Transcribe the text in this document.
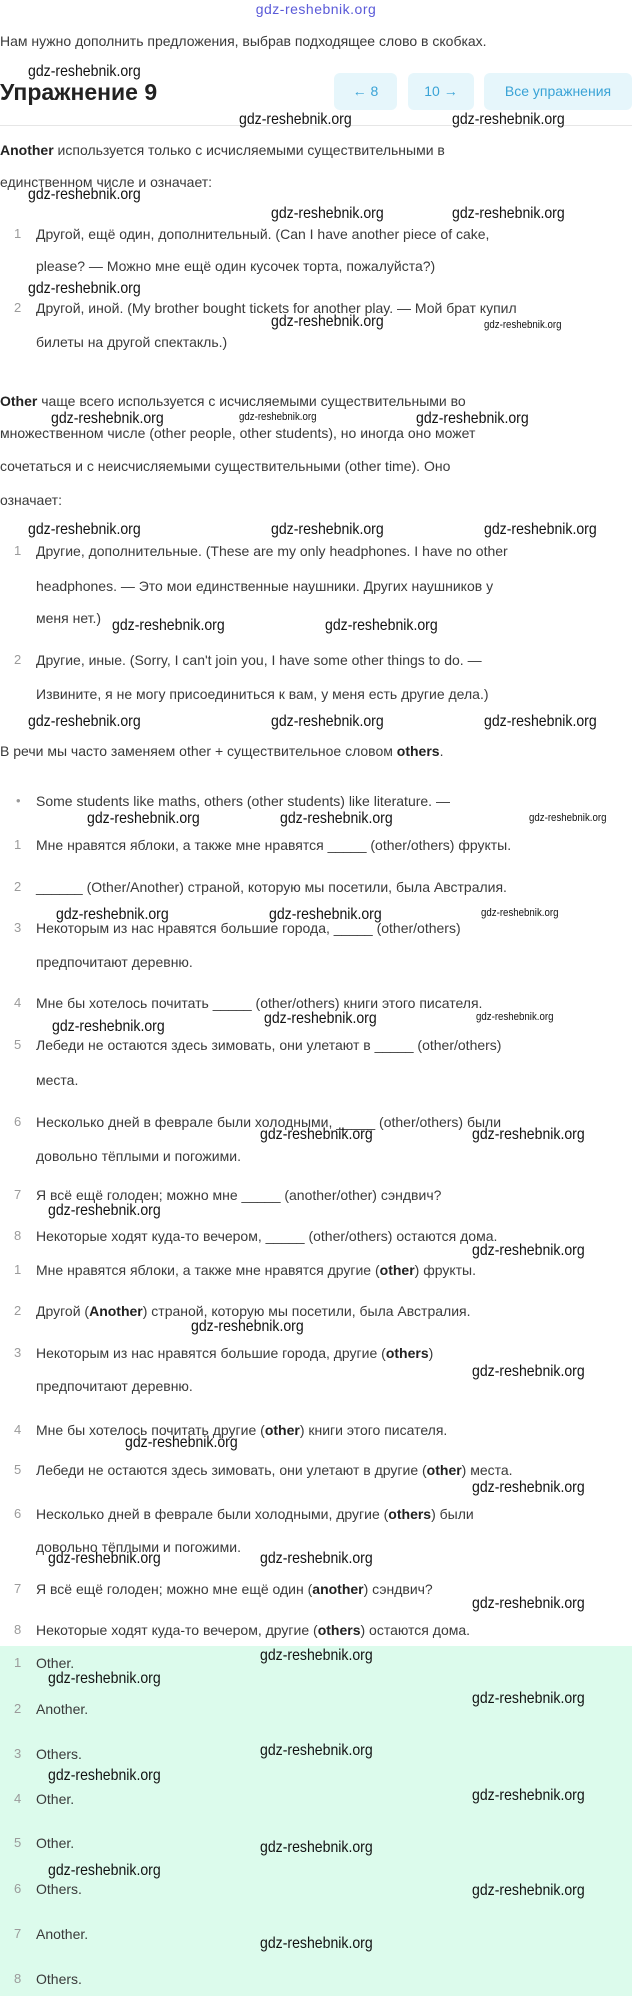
gdz-reshebnik.org
Нам нужно дополнить предложения, выбрав подходящее слово в скобках.
Упражнение 9	← 8	10 →	Все упражнения
Another используется только с исчисляемыми существительными в
единственном числе и означает:
1 Другой, ещё один, дополнительный. (Can I have another piece of cake,
please? — Можно мне ещё один кусочек торта, пожалуйста?)
2 Другой, иной. (My brother bought tickets for another play. — Мой брат купил
билеты на другой спектакль.)
Other чаще всего используется с исчисляемыми существительными во
множественном числе (other people, other students), но иногда оно может
сочетаться и с неисчисляемыми существительными (other time). Оно
означает:
1 Другие, дополнительные. (These are my only headphones. I have no other
headphones. — Это мои единственные наушники. Других наушников у
меня нет.)
2 Другие, иные. (Sorry, I can't join you, I have some other things to do. —
Извините, я не могу присоединиться к вам, у меня есть другие дела.)
В речи мы часто заменяем other + существительное словом others.
• Some students like maths, others (other students) like literature. —
1 Мне нравятся яблоки, а также мне нравятся _____ (other/others) фрукты.
2 ______ (Other/Another) страной, которую мы посетили, была Австралия.
3 Некоторым из нас нравятся большие города, _____ (other/others)
предпочитают деревню.
4 Мне бы хотелось почитать _____ (other/others) книги этого писателя.
5 Лебеди не остаются здесь зимовать, они улетают в _____ (other/others)
места.
6 Несколько дней в феврале были холодными, _____ (other/others) были
довольно тёплыми и погожими.
7 Я всё ещё голоден; можно мне _____ (another/other) сэндвич?
8 Некоторые ходят куда-то вечером, _____ (other/others) остаются дома.
1 Мне нравятся яблоки, а также мне нравятся другие (other) фрукты.
2 Другой (Another) страной, которую мы посетили, была Австралия.
3 Некоторым из нас нравятся большие города, другие (others)
предпочитают деревню.
4 Мне бы хотелось почитать другие (other) книги этого писателя.
5 Лебеди не остаются здесь зимовать, они улетают в другие (other) места.
6 Несколько дней в феврале были холодными, другие (others) были
довольно тёплыми и погожими.
7 Я всё ещё голоден; можно мне ещё один (another) сэндвич?
8 Некоторые ходят куда-то вечером, другие (others) остаются дома.
1 Other.
2 Another.
3 Others.
4 Other.
5 Other.
6 Others.
7 Another.
8 Others.
gdz-reshebnik.org
gdz-reshebnik.org	gdz-reshebnik.org
gdz-reshebnik.org
gdz-reshebnik.org	gdz-reshebnik.org
gdz-reshebnik.org
gdz-reshebnik.org	gdz-reshebnik.org
gdz-reshebnik.org	gdz-reshebnik.org	gdz-reshebnik.org
gdz-reshebnik.org	gdz-reshebnik.org	gdz-reshebnik.org
gdz-reshebnik.org	gdz-reshebnik.org
gdz-reshebnik.org	gdz-reshebnik.org	gdz-reshebnik.org
gdz-reshebnik.org	gdz-reshebnik.org	gdz-reshebnik.org
gdz-reshebnik.org	gdz-reshebnik.org	gdz-reshebnik.org
gdz-reshebnik.org	gdz-reshebnik.org	gdz-reshebnik.org
gdz-reshebnik.org	gdz-reshebnik.org
gdz-reshebnik.org
gdz-reshebnik.org
gdz-reshebnik.org
gdz-reshebnik.org
gdz-reshebnik.org
gdz-reshebnik.org
gdz-reshebnik.org	gdz-reshebnik.org
gdz-reshebnik.org
gdz-reshebnik.org
gdz-reshebnik.org
gdz-reshebnik.org
gdz-reshebnik.org
gdz-reshebnik.org
gdz-reshebnik.org
gdz-reshebnik.org
gdz-reshebnik.org
gdz-reshebnik.org
gdz-reshebnik.org
